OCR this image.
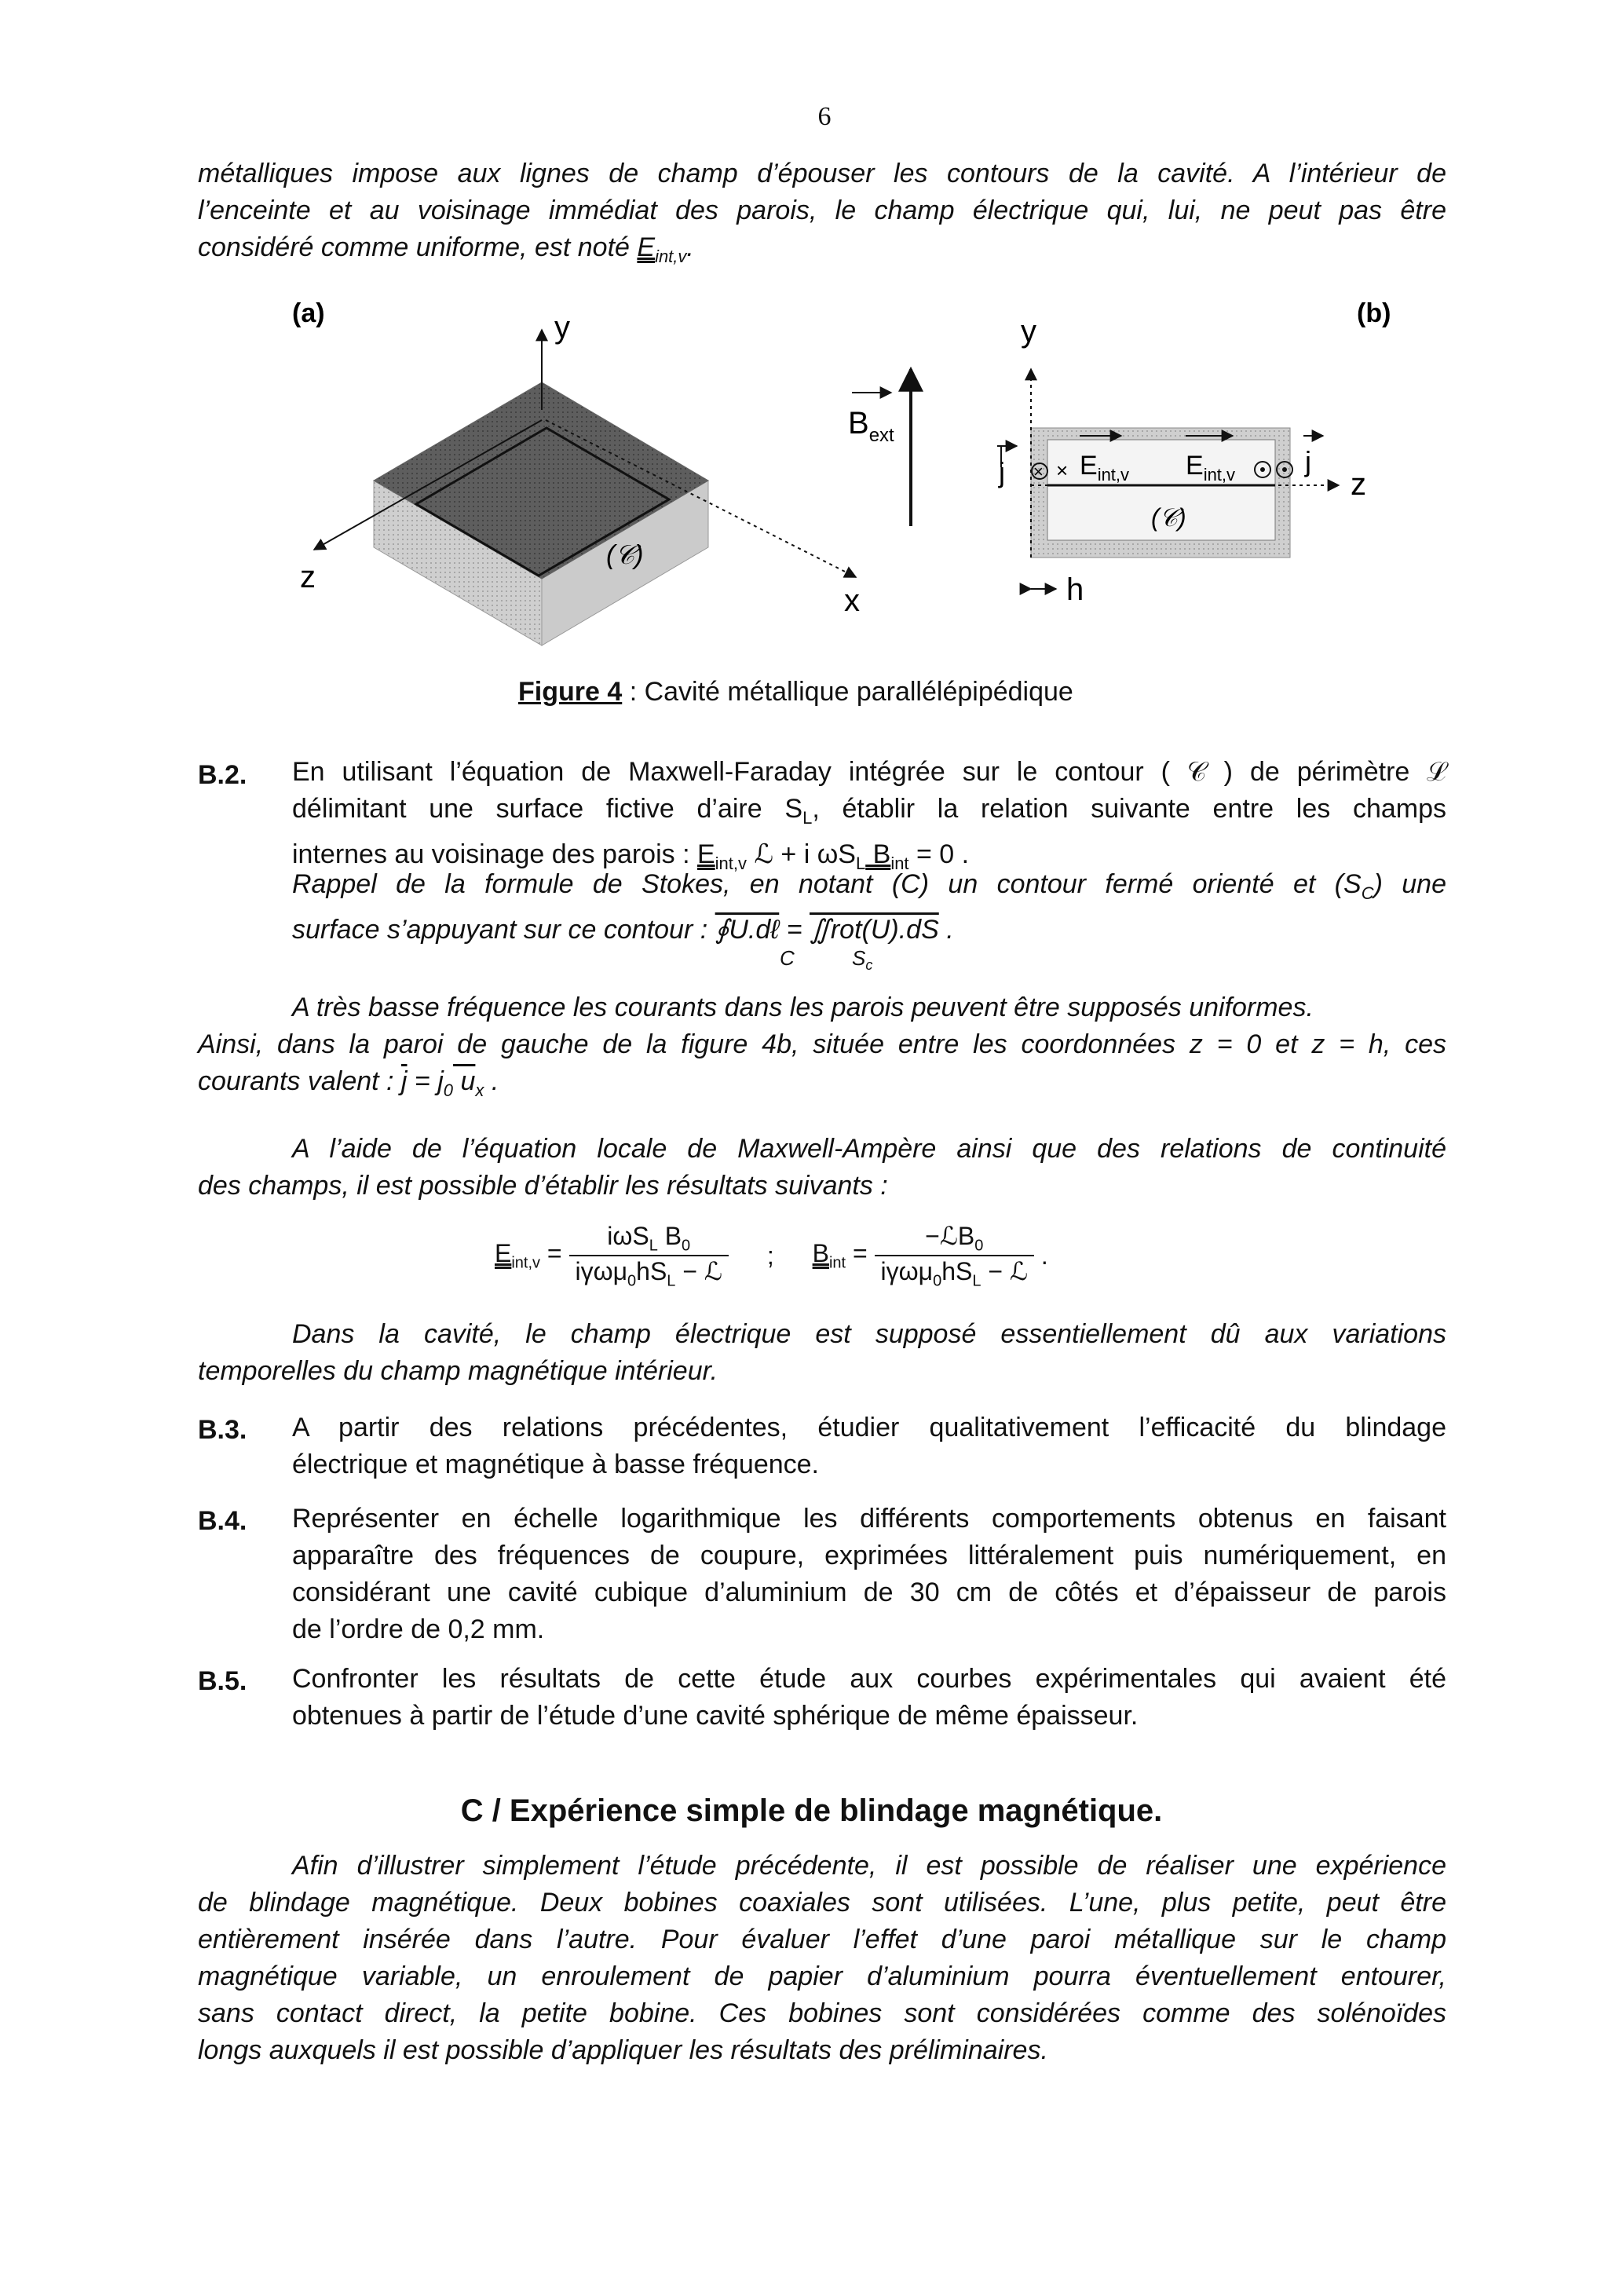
6
métalliques impose aux lignes de champ d’épouser les contours de la cavité. A l’intérieur de
l’enceinte et au voisinage immédiat des parois, le champ électrique qui, lui, ne peut pas être
considéré comme uniforme, est noté $E_{int,v}$.
(a)	y
z
x
(𝒞)
$B_{ext}$
(b)
y
× × $E_{int,v}$ $E_{int,v}$
j	j
z
(𝒞)
h
Figure 4 : Cavité métallique parallélépipédique
B.2. En utilisant l’équation de Maxwell-Faraday intégrée sur le contour ( 𝒞 ) de périmètre ℒ
délimitant une surface fictive d’aire $S_L$, établir la relation suivante entre les champs
internes au voisinage des parois : $E_{int,v}$ ℒ + i $\omega S_L$ $B_{int} = 0$ .
Rappel de la formule de Stokes, en notant (C) un contour fermé orienté et $(S_C)$ une
surface s’appuyant sur ce contour : ∮U.dℓ = ∬rot(U).dS .
C	$S_c$
A très basse fréquence les courants dans les parois peuvent être supposés uniformes.
Ainsi, dans la paroi de gauche de la figure 4b, située entre les coordonnées z = 0 et z = h, ces
courants valent : $\overline{j} = j_0$ $u_x$ .
A l’aide de l’équation locale de Maxwell-Ampère ainsi que des relations de continuité
des champs, il est possible d’établir les résultats suivants :
$E_{int,v} = \frac{i\omega S_L B_0}{i\gamma\omega\mu_0hS_L - ℒ}$ ; $B_{int} = \frac{-ℒB_0}{i\gamma\omega\mu_0hS_L - ℒ}$ .
Dans la cavité, le champ électrique est supposé essentiellement dû aux variations
temporelles du champ magnétique intérieur.
B.3. A partir des relations précédentes, étudier qualitativement l’efficacité du blindage
électrique et magnétique à basse fréquence.
B.4. Représenter en échelle logarithmique les différents comportements obtenus en faisant
apparaître des fréquences de coupure, exprimées littéralement puis numériquement, en
considérant une cavité cubique d’aluminium de 30 cm de côtés et d’épaisseur de parois
de l’ordre de 0,2 mm.
B.5. Confronter les résultats de cette étude aux courbes expérimentales qui avaient été
obtenues à partir de l’étude d’une cavité sphérique de même épaisseur.
C / Expérience simple de blindage magnétique.
Afin d’illustrer simplement l’étude précédente, il est possible de réaliser une expérience
de blindage magnétique. Deux bobines coaxiales sont utilisées. L’une, plus petite, peut être
entièrement insérée dans l’autre. Pour évaluer l’effet d’une paroi métallique sur le champ
magnétique variable, un enroulement de papier d’aluminium pourra éventuellement entourer,
sans contact direct, la petite bobine. Ces bobines sont considérées comme des solénoïdes
longs auxquels il est possible d’appliquer les résultats des préliminaires.
